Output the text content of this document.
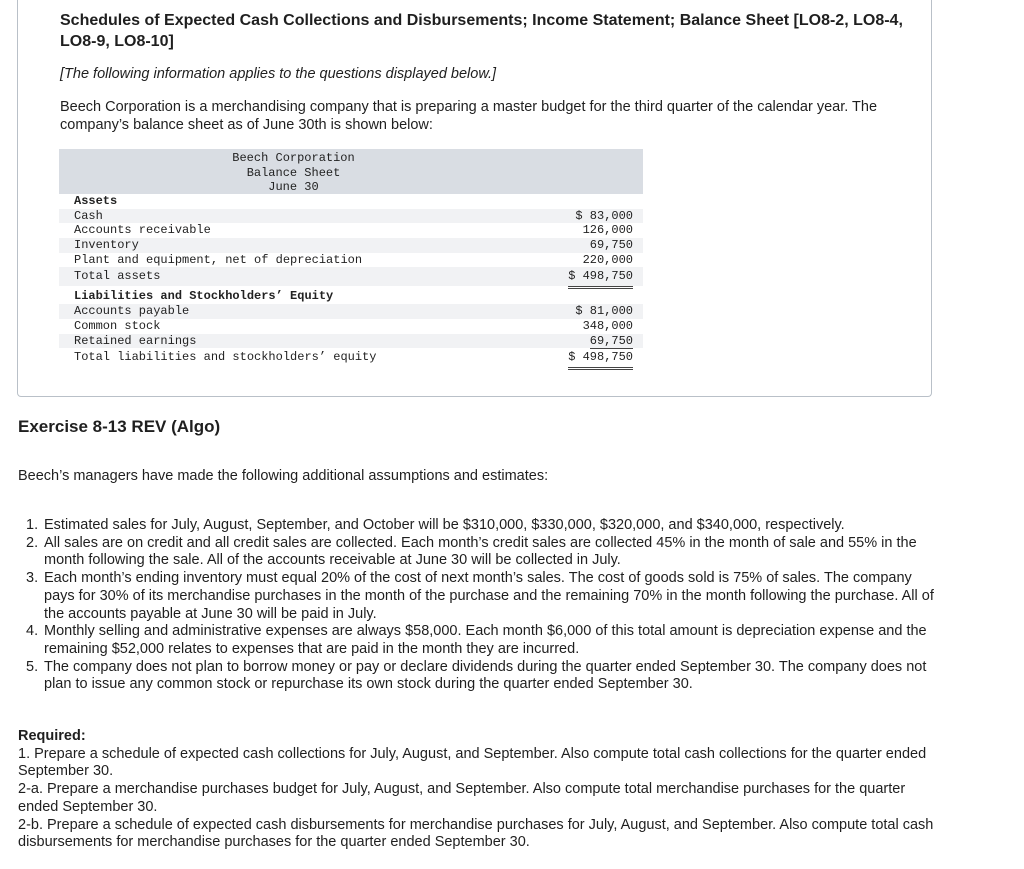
Schedules of Expected Cash Collections and Disbursements; Income Statement; Balance Sheet [LO8-2, LO8-4, LO8-9, LO8-10]

[The following information applies to the questions displayed below.]
Beech Corporation is a merchandising company that is preparing a master budget for the third quarter of the calendar year. The company’s balance sheet as of June 30th is shown below:
Beech Corporation
Balance Sheet
June 30
Assets
Cash	$ 83,000
Accounts receivable	126,000
Inventory	69,750
Plant and equipment, net of depreciation	220,000
Total assets	$ 498,750
Liabilities and Stockholders’ Equity
Accounts payable	$ 81,000
Common stock	348,000
Retained earnings	69,750
Total liabilities and stockholders’ equity	$ 498,750
Exercise 8-13 REV (Algo)
Beech’s managers have made the following additional assumptions and estimates:
1. Estimated sales for July, August, September, and October will be $310,000, $330,000, $320,000, and $340,000, respectively.
2. All sales are on credit and all credit sales are collected. Each month’s credit sales are collected 45% in the month of sale and 55% in the month following the sale. All of the accounts receivable at June 30 will be collected in July.
3. Each month’s ending inventory must equal 20% of the cost of next month’s sales. The cost of goods sold is 75% of sales. The company pays for 30% of its merchandise purchases in the month of the purchase and the remaining 70% in the month following the purchase. All of the accounts payable at June 30 will be paid in July.
4. Monthly selling and administrative expenses are always $58,000. Each month $6,000 of this total amount is depreciation expense and the remaining $52,000 relates to expenses that are paid in the month they are incurred.
5. The company does not plan to borrow money or pay or declare dividends during the quarter ended September 30. The company does not plan to issue any common stock or repurchase its own stock during the quarter ended September 30.
Required:
1. Prepare a schedule of expected cash collections for July, August, and September. Also compute total cash collections for the quarter ended September 30.
2-a. Prepare a merchandise purchases budget for July, August, and September. Also compute total merchandise purchases for the quarter ended September 30.
2-b. Prepare a schedule of expected cash disbursements for merchandise purchases for July, August, and September. Also compute total cash disbursements for merchandise purchases for the quarter ended September 30.
